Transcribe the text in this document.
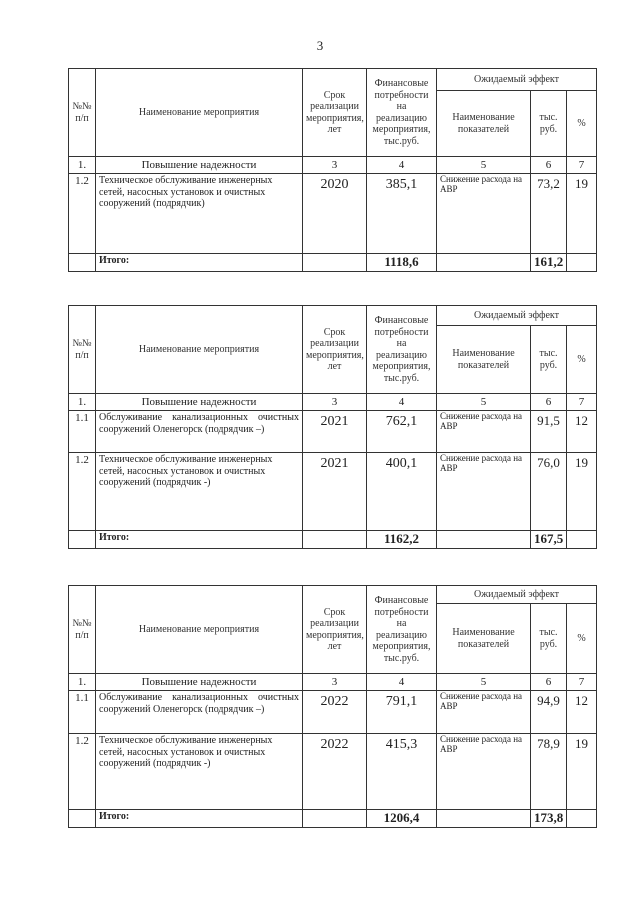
3
№№ п/п	Наименование мероприятия	Срок реализации мероприятия, лет	Финансовые потребности на реализацию мероприятия, тыс.руб.	Ожидаемый эффект		
				Наименование показателей	тыс. руб.	%
1.	Повышение надежности	3	4	5	6	7
1.2	Техническое обслуживание инженерных сетей, насосных установок и очистных сооружений (подрядчик)	2020	385,1	Снижение расхода на АВР	73,2	19
	Итого:		1118,6		161,2	
№№ п/п	Наименование мероприятия	Срок реализации мероприятия, лет	Финансовые потребности на реализацию мероприятия, тыс.руб.	Ожидаемый эффект		
				Наименование показателей	тыс. руб.	%
1.	Повышение надежности	3	4	5	6	7
1.1	Обслуживание канализационных очистных сооружений Оленегорск (подрядчик –)	2021	762,1	Снижение расхода на АВР	91,5	12
1.2	Техническое обслуживание инженерных сетей, насосных установок и очистных сооружений (подрядчик -)	2021	400,1	Снижение расхода на АВР	76,0	19
	Итого:		1162,2		167,5	
№№ п/п	Наименование мероприятия	Срок реализации мероприятия, лет	Финансовые потребности на реализацию мероприятия, тыс.руб.	Ожидаемый эффект		
				Наименование показателей	тыс. руб.	%
1.	Повышение надежности	3	4	5	6	7
1.1	Обслуживание канализационных очистных сооружений Оленегорск (подрядчик –)	2022	791,1	Снижение расхода на АВР	94,9	12
1.2	Техническое обслуживание инженерных сетей, насосных установок и очистных сооружений (подрядчик -)	2022	415,3	Снижение расхода на АВР	78,9	19
	Итого:		1206,4		173,8	
